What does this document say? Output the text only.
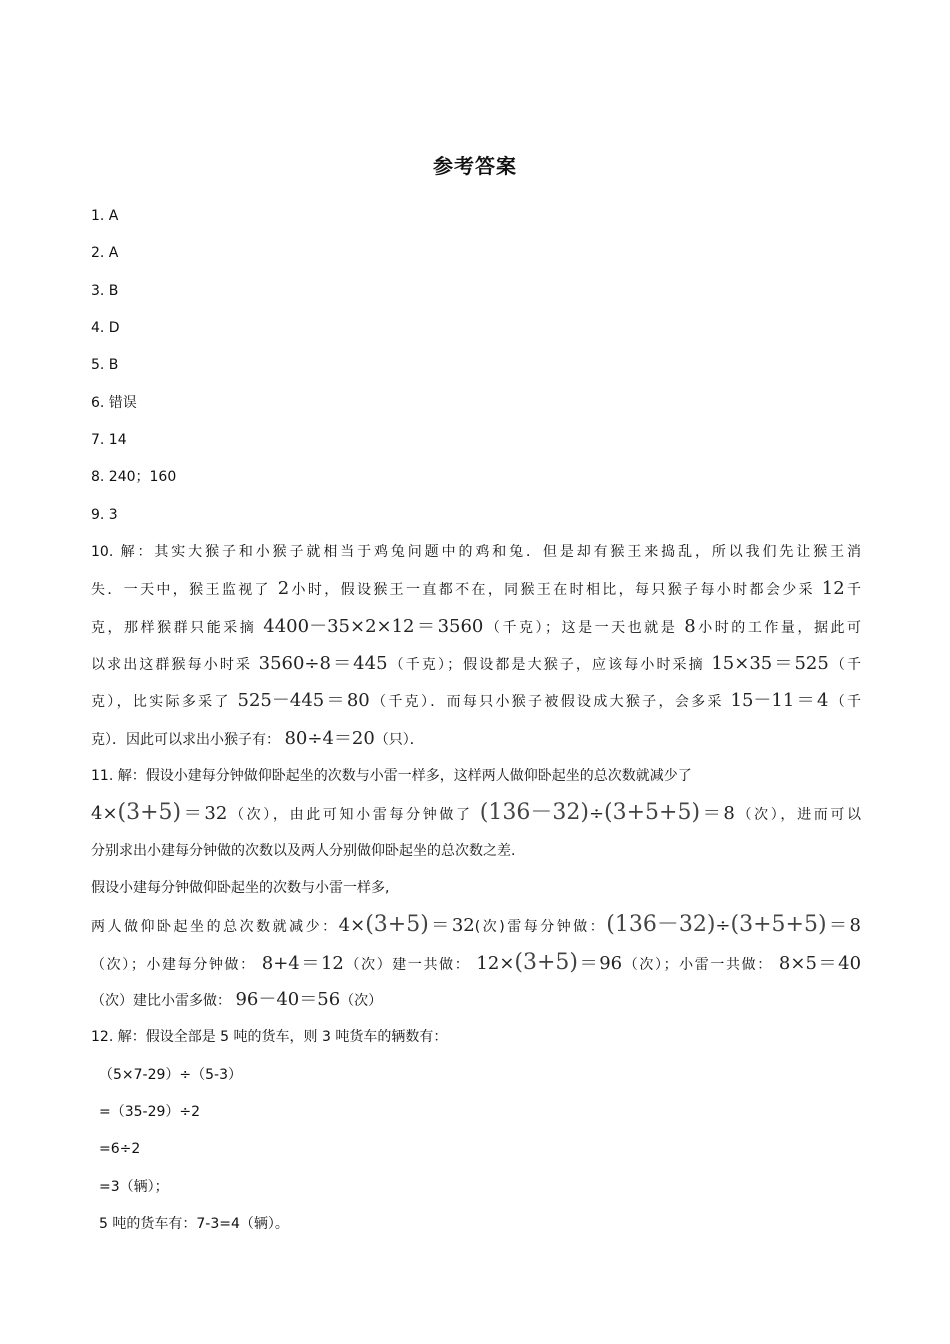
参考答案
1. A
2. A
3. B
4. D
5. B
6. 错误
7. 14
8. 240；160
9. 3
10. 解：其实大猴子和小猴子就相当于鸡兔问题中的鸡和兔．但是却有猴王来捣乱，所以我们先让猴王消
失．一天中，猴王监视了 2小时，假设猴王一直都不在，同猴王在时相比，每只猴子每小时都会少采 12千
克，那样猴群只能采摘 4400－35×2×12＝3560（千克）；这是一天也就是 8小时的工作量，据此可
以求出这群猴每小时采 3560÷8＝445（千克）；假设都是大猴子，应该每小时采摘 15×35＝525（千
克），比实际多采了 525－445＝80（千克）．而每只小猴子被假设成大猴子，会多采 15－11＝4（千
克）．因此可以求出小猴子有： 80÷4＝20（只）．
11. 解：假设小建每分钟做仰卧起坐的次数与小雷一样多，这样两人做仰卧起坐的总次数就减少了
4×(3+5)＝32（次），由此可知小雷每分钟做了 (136－32)÷(3+5+5)＝8（次），进而可以
分别求出小建每分钟做的次数以及两人分别做仰卧起坐的总次数之差.
假设小建每分钟做仰卧起坐的次数与小雷一样多,
两人做仰卧起坐的总次数就减少：4×(3+5)＝32(次)雷每分钟做：(136－32)÷(3+5+5)＝8
（次）；小建每分钟做： 8+4＝12（次）建一共做： 12×(3+5)＝96（次）；小雷一共做： 8×5＝40
（次）建比小雷多做： 96－40＝56（次）
12. 解：假设全部是 5 吨的货车，则 3 吨货车的辆数有：
（5×7-29）÷（5-3）
=（35-29）÷2
=6÷2
=3（辆）；
5 吨的货车有：7-3=4（辆）。
